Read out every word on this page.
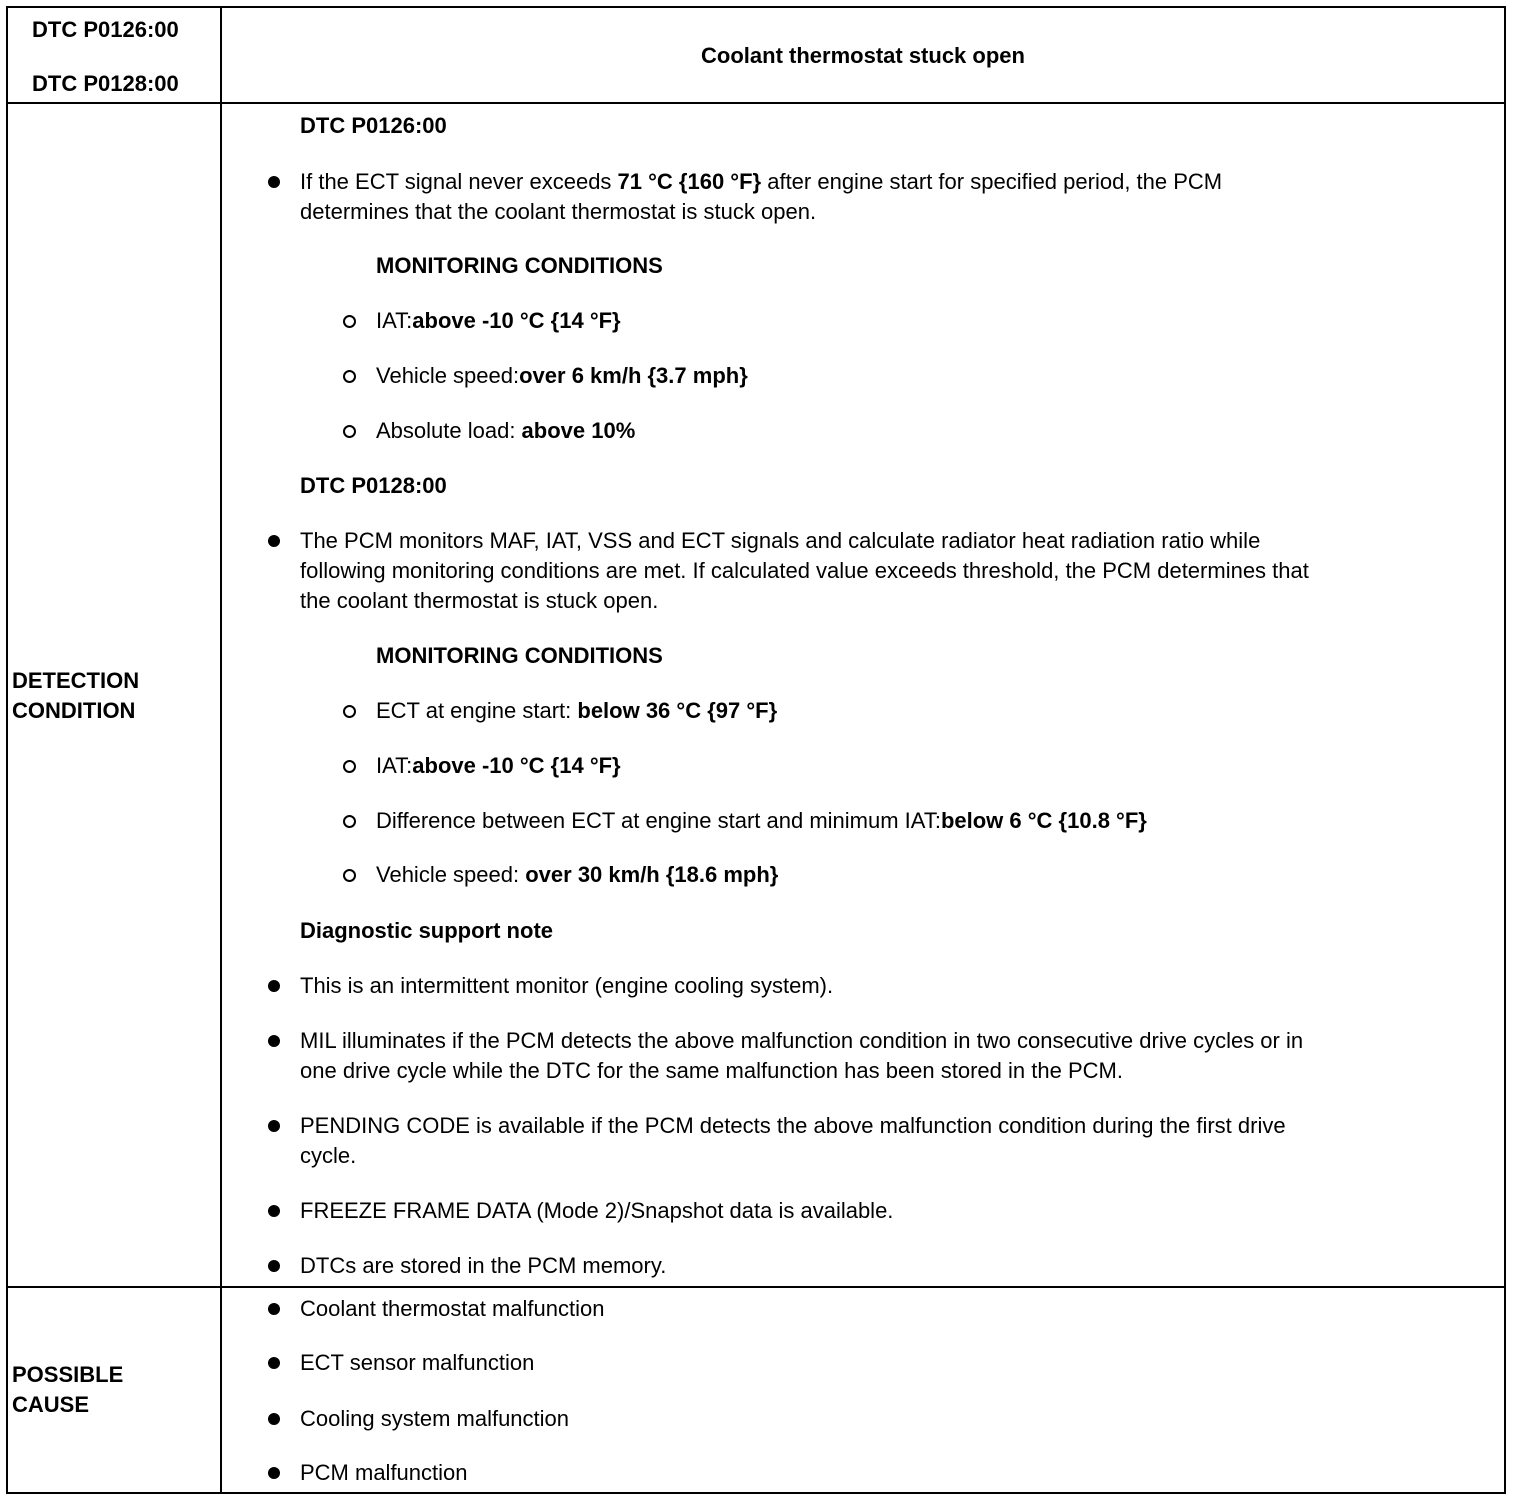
DTC P0126:00
DTC P0128:00
Coolant thermostat stuck open
DETECTION
CONDITION
DTC P0126:00
If the ECT signal never exceeds 71 °C {160 °F} after engine start for specified period, the PCM
determines that the coolant thermostat is stuck open.
MONITORING CONDITIONS
IAT:above -10 °C {14 °F}
Vehicle speed:over 6 km/h {3.7 mph}
Absolute load: above 10%
DTC P0128:00
The PCM monitors MAF, IAT, VSS and ECT signals and calculate radiator heat radiation ratio while
following monitoring conditions are met. If calculated value exceeds threshold, the PCM determines that
the coolant thermostat is stuck open.
MONITORING CONDITIONS
ECT at engine start: below 36 °C {97 °F}
IAT:above -10 °C {14 °F}
Difference between ECT at engine start and minimum IAT:below 6 °C {10.8 °F}
Vehicle speed: over 30 km/h {18.6 mph}
Diagnostic support note
This is an intermittent monitor (engine cooling system).
MIL illuminates if the PCM detects the above malfunction condition in two consecutive drive cycles or in
one drive cycle while the DTC for the same malfunction has been stored in the PCM.
PENDING CODE is available if the PCM detects the above malfunction condition during the first drive
cycle.
FREEZE FRAME DATA (Mode 2)/Snapshot data is available.
DTCs are stored in the PCM memory.
POSSIBLE
CAUSE
Coolant thermostat malfunction
ECT sensor malfunction
Cooling system malfunction
PCM malfunction
